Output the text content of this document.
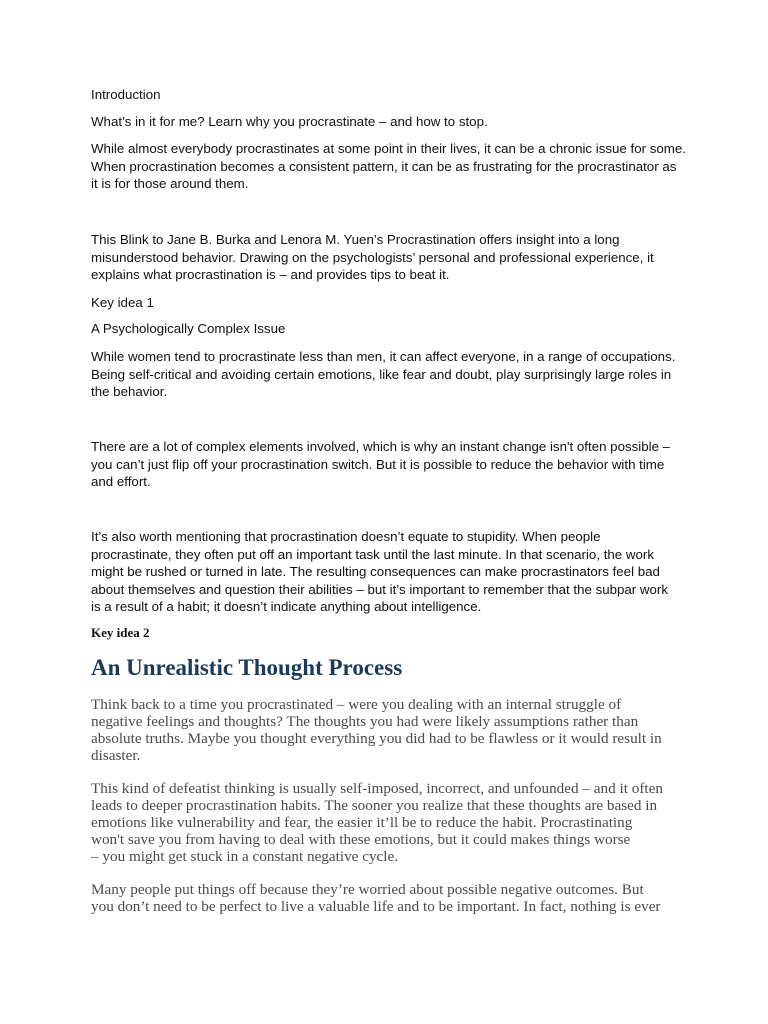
Introduction

What’s in it for me? Learn why you procrastinate – and how to stop.

While almost everybody procrastinates at some point in their lives, it can be a chronic issue for some.
When procrastination becomes a consistent pattern, it can be as frustrating for the procrastinator as
it is for those around them.

This Blink to Jane B. Burka and Lenora M. Yuen’s Procrastination offers insight into a long
misunderstood behavior. Drawing on the psychologists’ personal and professional experience, it
explains what procrastination is – and provides tips to beat it.

Key idea 1

A Psychologically Complex Issue

While women tend to procrastinate less than men, it can affect everyone, in a range of occupations.
Being self-critical and avoiding certain emotions, like fear and doubt, play surprisingly large roles in
the behavior.

There are a lot of complex elements involved, which is why an instant change isn't often possible –
you can’t just flip off your procrastination switch. But it is possible to reduce the behavior with time
and effort.

It’s also worth mentioning that procrastination doesn’t equate to stupidity. When people
procrastinate, they often put off an important task until the last minute. In that scenario, the work
might be rushed or turned in late. The resulting consequences can make procrastinators feel bad
about themselves and question their abilities – but it’s important to remember that the subpar work
is a result of a habit; it doesn’t indicate anything about intelligence.

Key idea 2

An Unrealistic Thought Process

Think back to a time you procrastinated – were you dealing with an internal struggle of
negative feelings and thoughts? The thoughts you had were likely assumptions rather than
absolute truths. Maybe you thought everything you did had to be flawless or it would result in
disaster.

This kind of defeatist thinking is usually self-imposed, incorrect, and unfounded – and it often
leads to deeper procrastination habits. The sooner you realize that these thoughts are based in
emotions like vulnerability and fear, the easier it’ll be to reduce the habit. Procrastinating
won't save you from having to deal with these emotions, but it could makes things worse
– you might get stuck in a constant negative cycle.

Many people put things off because they’re worried about possible negative outcomes. But
you don’t need to be perfect to live a valuable life and to be important. In fact, nothing is ever
